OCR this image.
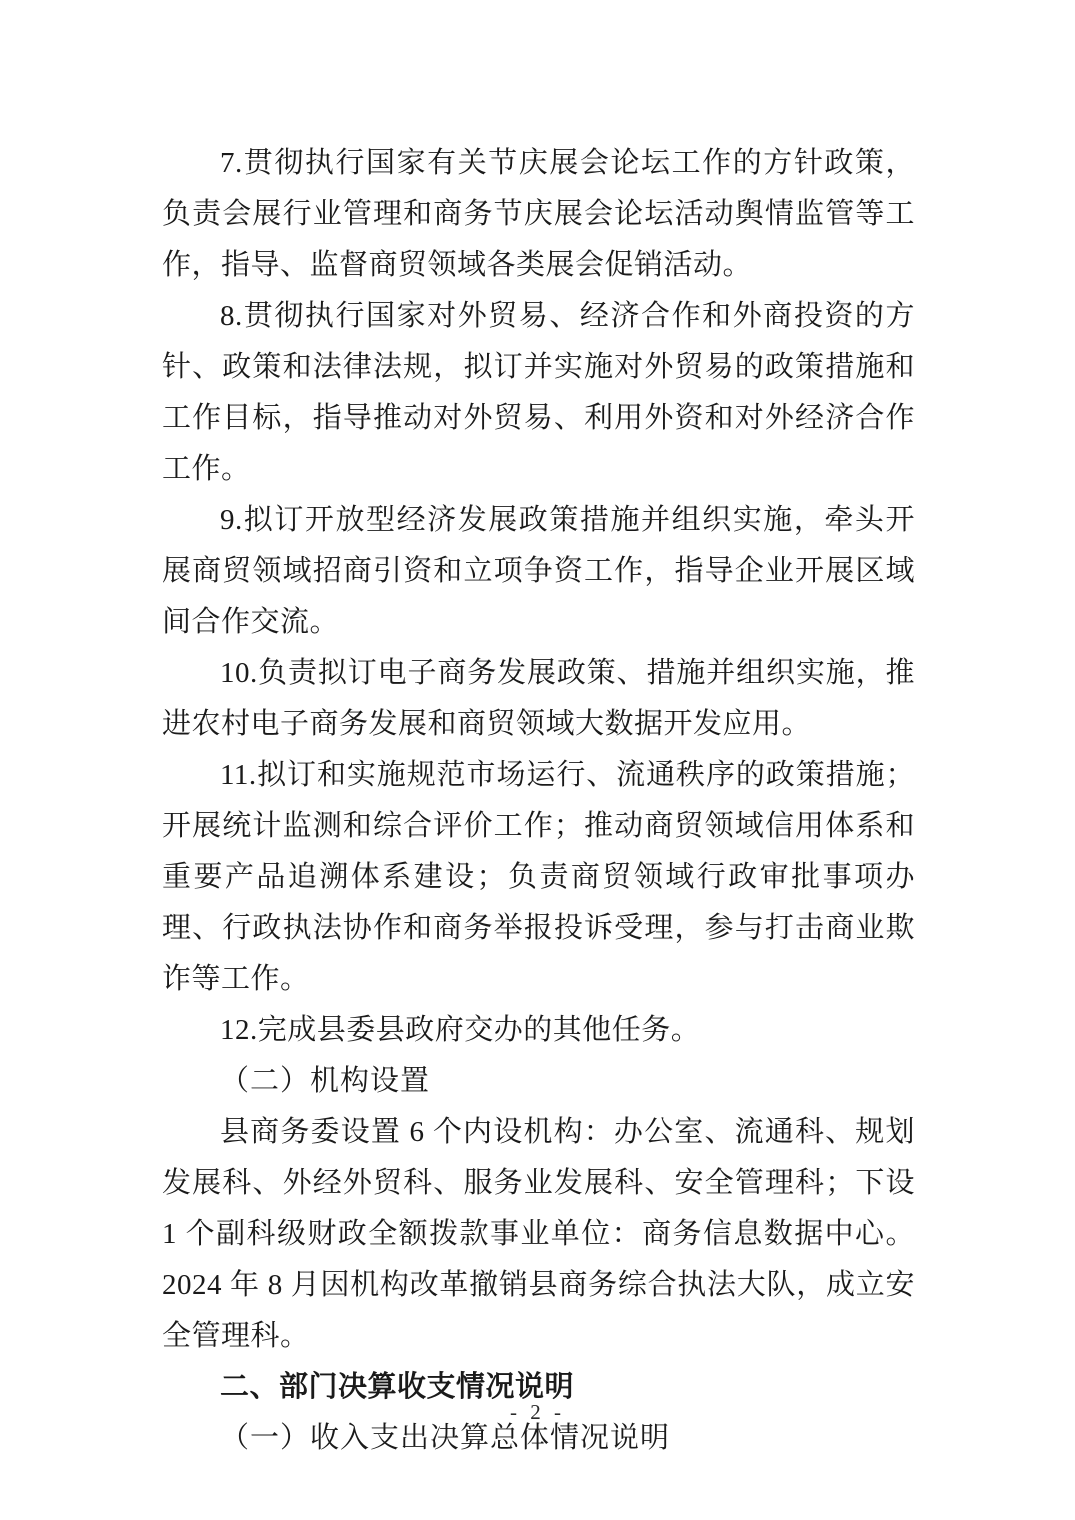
7.贯彻执行国家有关节庆展会论坛工作的方针政策，负责会展行业管理和商务节庆展会论坛活动舆情监管等工作，指导、监督商贸领域各类展会促销活动。

8.贯彻执行国家对外贸易、经济合作和外商投资的方针、政策和法律法规，拟订并实施对外贸易的政策措施和工作目标，指导推动对外贸易、利用外资和对外经济合作工作。

9.拟订开放型经济发展政策措施并组织实施，牵头开展商贸领域招商引资和立项争资工作，指导企业开展区域间合作交流。

10.负责拟订电子商务发展政策、措施并组织实施，推进农村电子商务发展和商贸领域大数据开发应用。

11.拟订和实施规范市场运行、流通秩序的政策措施；开展统计监测和综合评价工作；推动商贸领域信用体系和重要产品追溯体系建设；负责商贸领域行政审批事项办理、行政执法协作和商务举报投诉受理，参与打击商业欺诈等工作。

12.完成县委县政府交办的其他任务。

（二）机构设置

县商务委设置 6 个内设机构：办公室、流通科、规划发展科、外经外贸科、服务业发展科、安全管理科；下设 1 个副科级财政全额拨款事业单位：商务信息数据中心。2024 年 8 月因机构改革撤销县商务综合执法大队，成立安全管理科。

二、部门决算收支情况说明

（一）收入支出决算总体情况说明

- 2 -
